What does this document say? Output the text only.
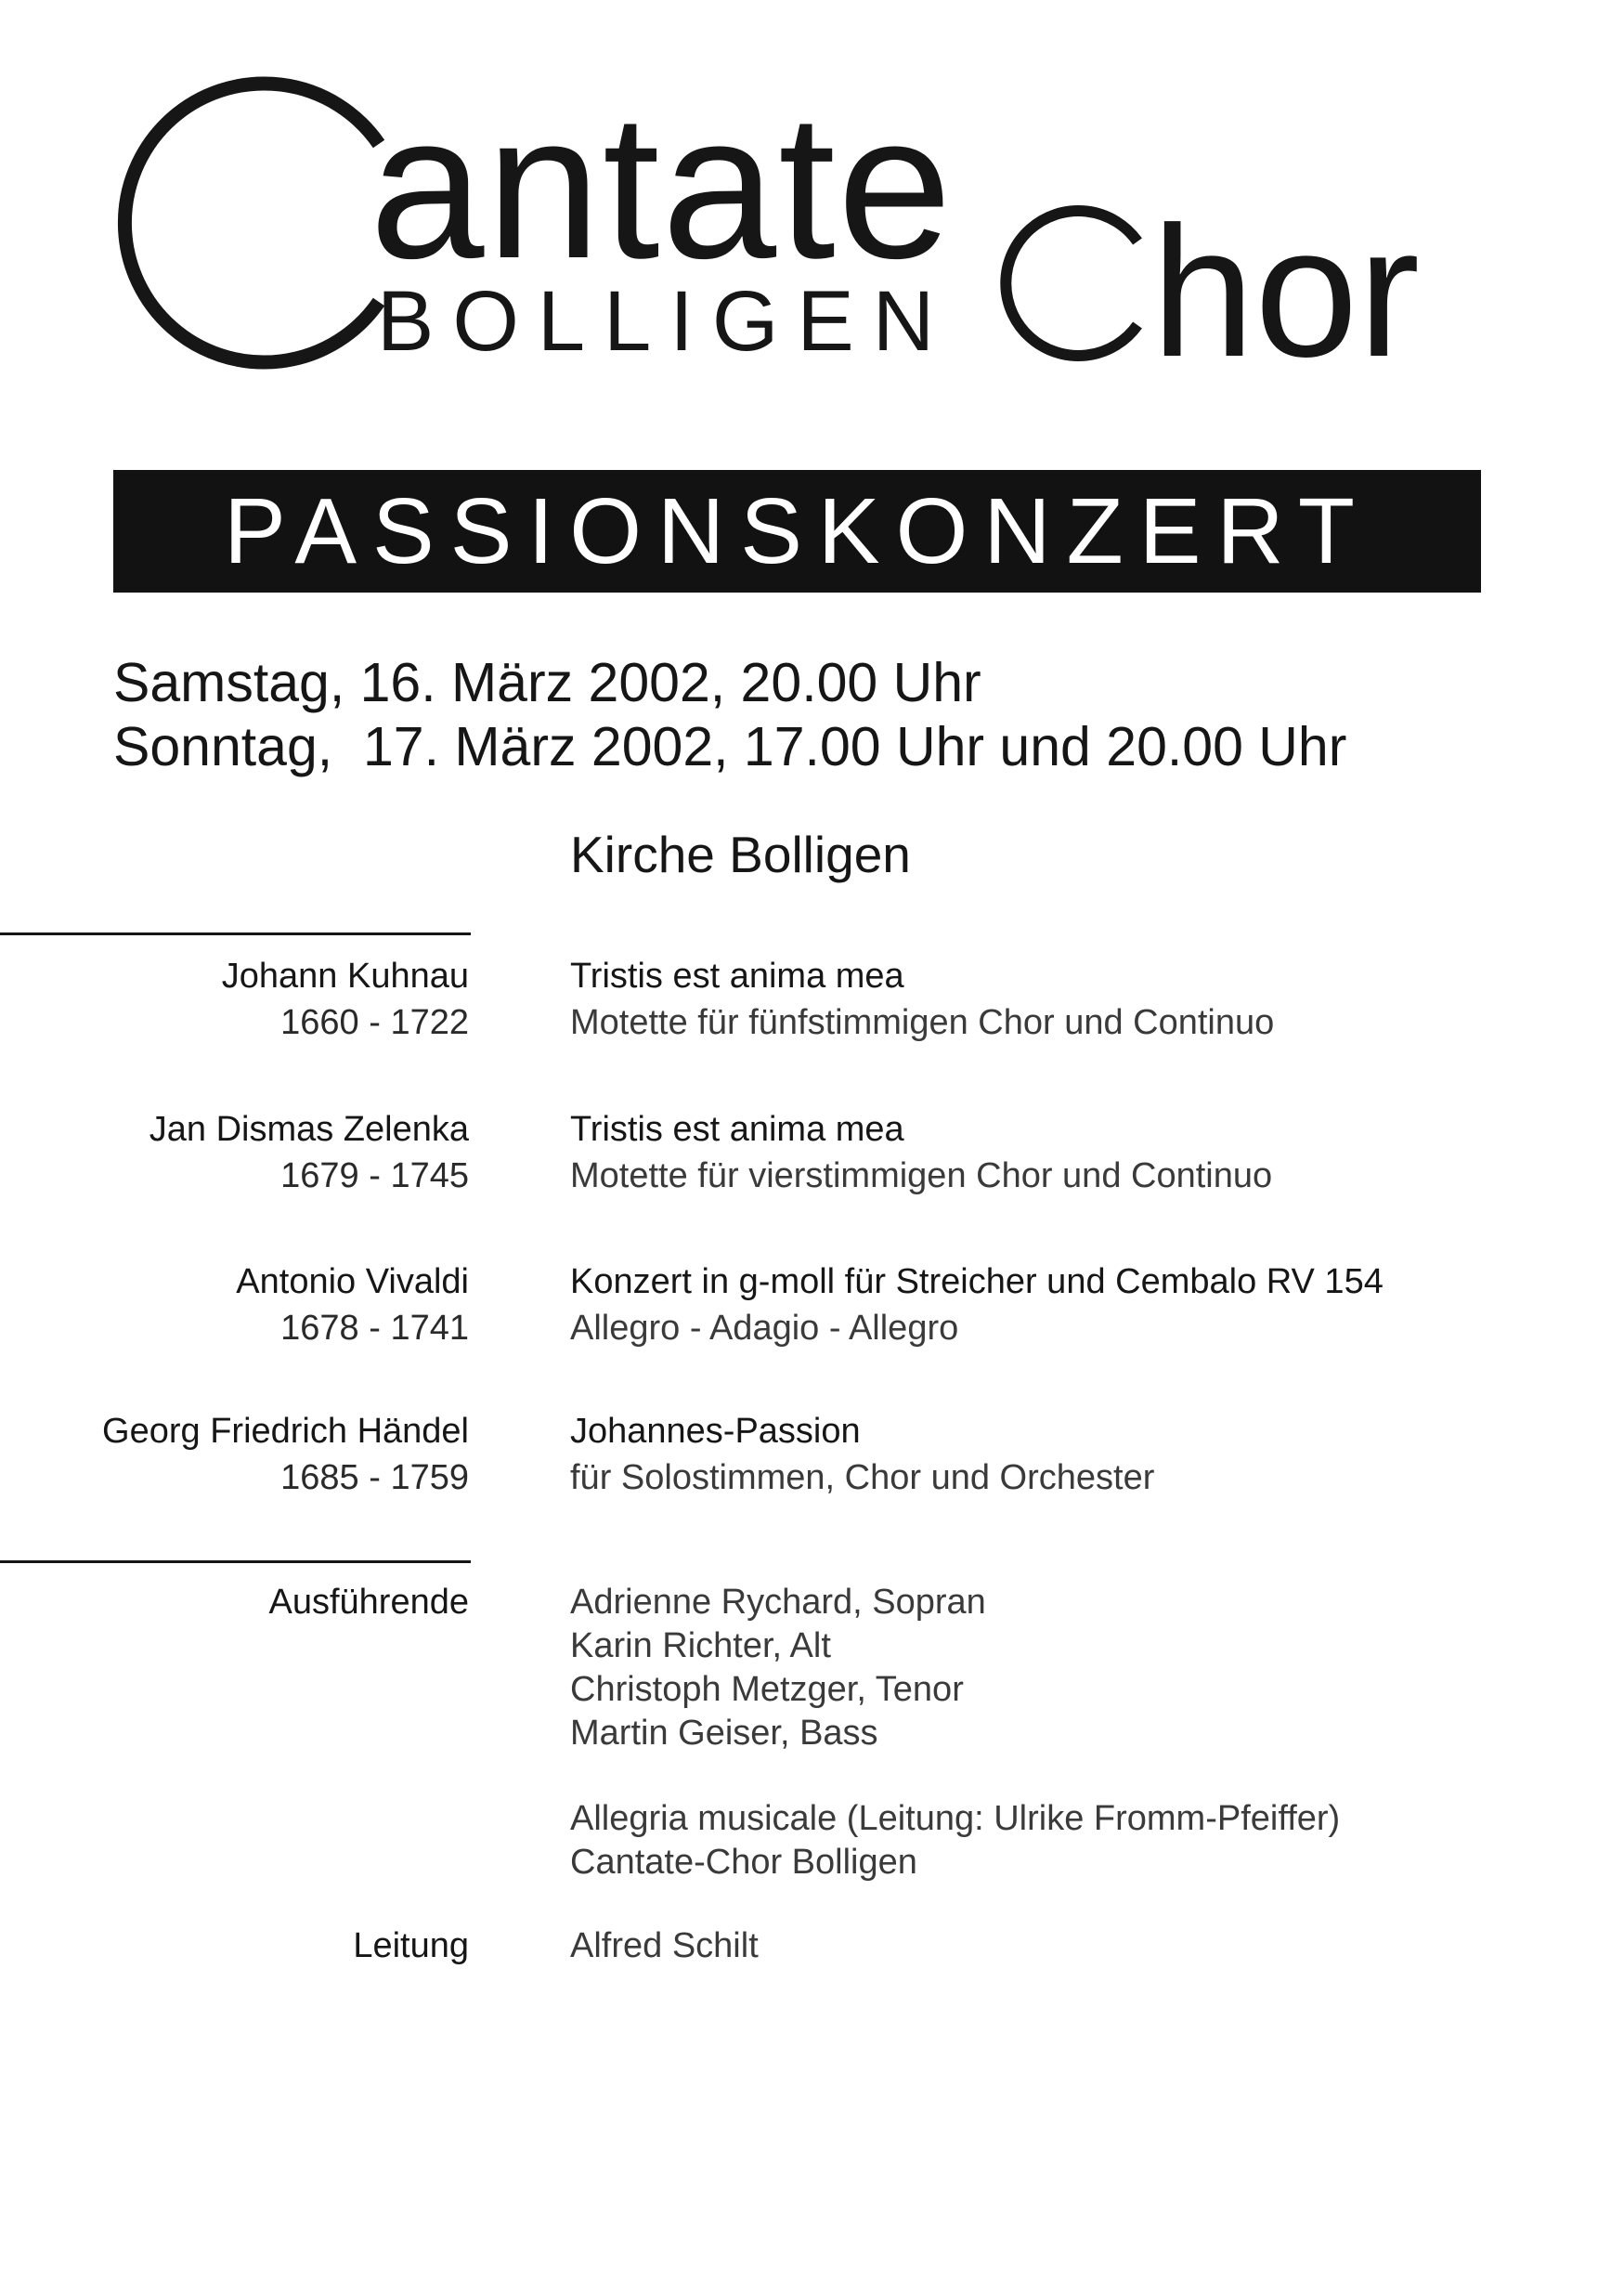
antate
BOLLIGEN hor
PASSIONSKONZERT
Samstag, 16. März 2002, 20.00 Uhr
Sonntag,  17. März 2002, 17.00 Uhr und 20.00 Uhr
Kirche Bolligen
Johann Kuhnau
1660 - 1722
Tristis est anima mea
Motette für fünfstimmigen Chor und Continuo
Jan Dismas Zelenka
1679 - 1745
Tristis est anima mea
Motette für vierstimmigen Chor und Continuo
Antonio Vivaldi
1678 - 1741
Konzert in g-moll für Streicher und Cembalo RV 154
Allegro - Adagio - Allegro
Georg Friedrich Händel
1685 - 1759
Johannes-Passion
für Solostimmen, Chor und Orchester
Ausführende	Adrienne Rychard, Sopran
Karin Richter, Alt
Christoph Metzger, Tenor
Martin Geiser, Bass
Allegria musicale (Leitung: Ulrike Fromm-Pfeiffer)
Cantate-Chor Bolligen
Leitung	Alfred Schilt
